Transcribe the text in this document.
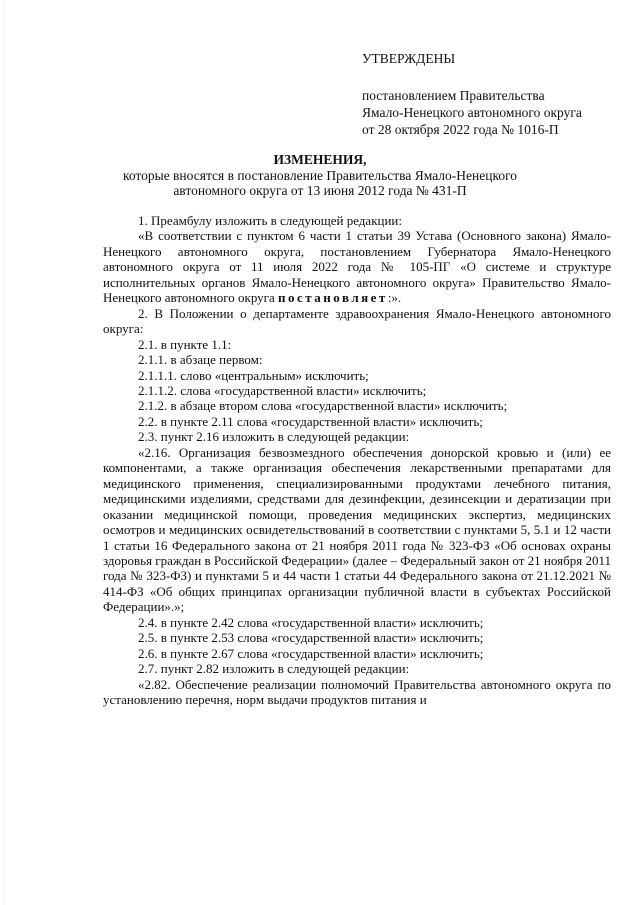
УТВЕРЖДЕНЫ
постановлением Правительства
Ямало-Ненецкого автономного округа
от 28 октября 2022 года № 1016-П
ИЗМЕНЕНИЯ,
которые вносятся в постановление Правительства Ямало-Ненецкого
автономного округа от 13 июня 2012 года № 431-П

1. Преамбулу изложить в следующей редакции:

«В соответствии с пунктом 6 части 1 статьи 39 Устава (Основного закона) Ямало-Ненецкого автономного округа, постановлением Губернатора Ямало-Ненецкого автономного округа от 11 июля 2022 года № 105-ПГ «О системе и структуре исполнительных органов Ямало-Ненецкого автономного округа» Правительство Ямало-Ненецкого автономного округа постановляет:».

2. В Положении о департаменте здравоохранения Ямало-Ненецкого автономного округа:

2.1. в пункте 1.1:

2.1.1. в абзаце первом:

2.1.1.1. слово «центральным» исключить;

2.1.1.2. слова «государственной власти» исключить;

2.1.2. в абзаце втором слова «государственной власти» исключить;

2.2. в пункте 2.11 слова «государственной власти» исключить;

2.3. пункт 2.16 изложить в следующей редакции:

«2.16. Организация безвозмездного обеспечения донорской кровью и (или) ее компонентами, а также организация обеспечения лекарственными препаратами для медицинского применения, специализированными продуктами лечебного питания, медицинскими изделиями, средствами для дезинфекции, дезинсекции и дератизации при оказании медицинской помощи, проведения медицинских экспертиз, медицинских осмотров и медицинских освидетельствований в соответствии с пунктами 5, 5.1 и 12 части 1 статьи 16 Федерального закона от 21 ноября 2011 года № 323-ФЗ «Об основах охраны здоровья граждан в Российской Федерации» (далее – Федеральный закон от 21 ноября 2011 года № 323-ФЗ) и пунктами 5 и 44 части 1 статьи 44 Федерального закона от 21.12.2021 № 414-ФЗ «Об общих принципах организации публичной власти в субъектах Российской Федерации».»;

2.4. в пункте 2.42 слова «государственной власти» исключить;

2.5. в пункте 2.53 слова «государственной власти» исключить;

2.6. в пункте 2.67 слова «государственной власти» исключить;

2.7. пункт 2.82 изложить в следующей редакции:

«2.82. Обеспечение реализации полномочий Правительства автономного округа по установлению перечня, норм выдачи продуктов питания и
